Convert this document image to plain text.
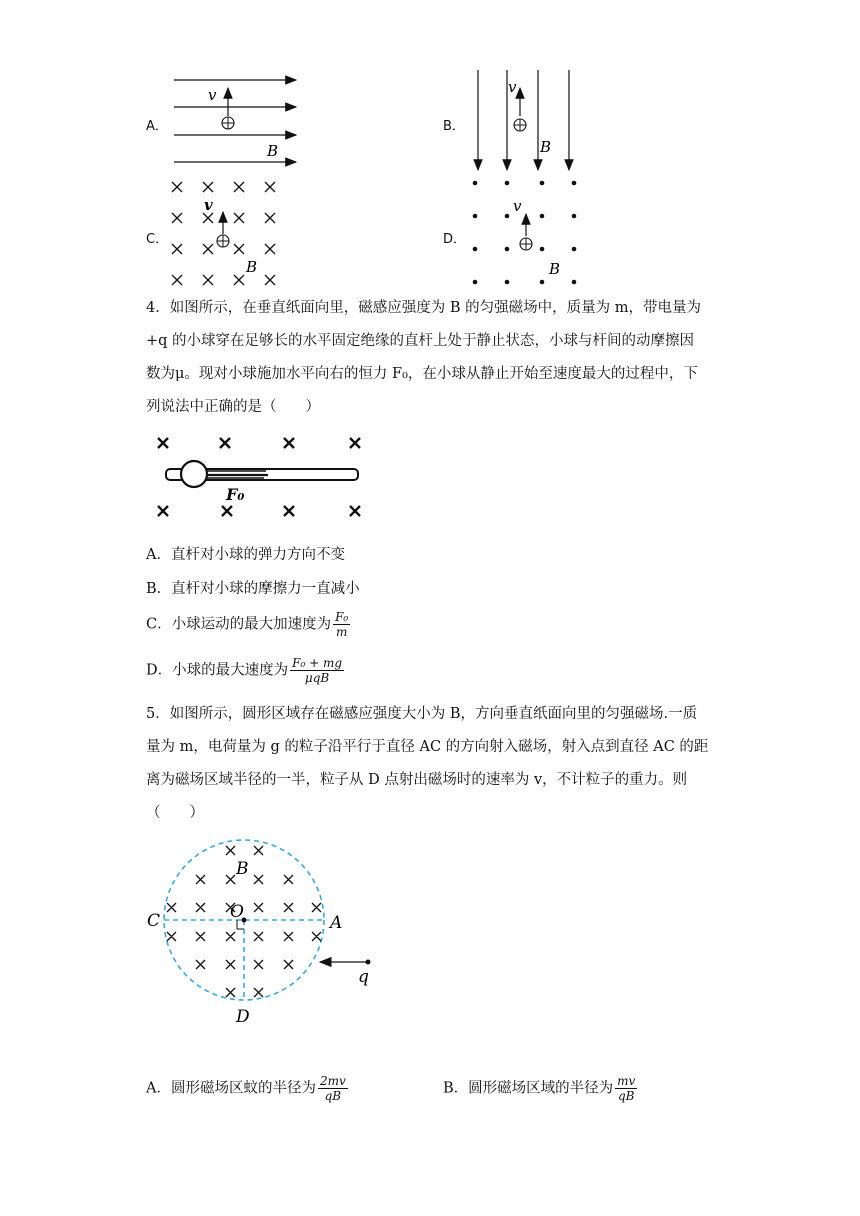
A．
v
B
B．
v
B
C．
v
B
D．
v
B
4．如图所示，在垂直纸面向里，磁感应强度为 B 的匀强磁场中，质量为 m，带电量为
+q 的小球穿在足够长的水平固定绝缘的直杆上处于静止状态，小球与杆间的动摩擦因
数为μ。现对小球施加水平向右的恒力 F₀，在小球从静止开始至速度最大的过程中，下
列说法中正确的是（　　）
F₀
A．直杆对小球的弹力方向不变
B．直杆对小球的摩擦力一直减小
C．小球运动的最大加速度为 $\frac{\text{F₀}}{m}$
D．小球的最大速度为 $\frac{\text{F₀ + mg}}{\text{μqB}}$
5．如图所示，圆形区域存在磁感应强度大小为 B，方向垂直纸面向里的匀强磁场.一质
量为 m，电荷量为 g 的粒子沿平行于直径 AC 的方向射入磁场，射入点到直径 AC 的距
离为磁场区域半径的一半，粒子从 D 点射出磁场时的速率为 v，不计粒子的重力。则
（　　）
B
C	O
A
D
q
A．圆形磁场区蚊的半径为 $\frac{2mv}{qB}$	B．圆形磁场区域的半径为 $\frac{mv}{qB}$
